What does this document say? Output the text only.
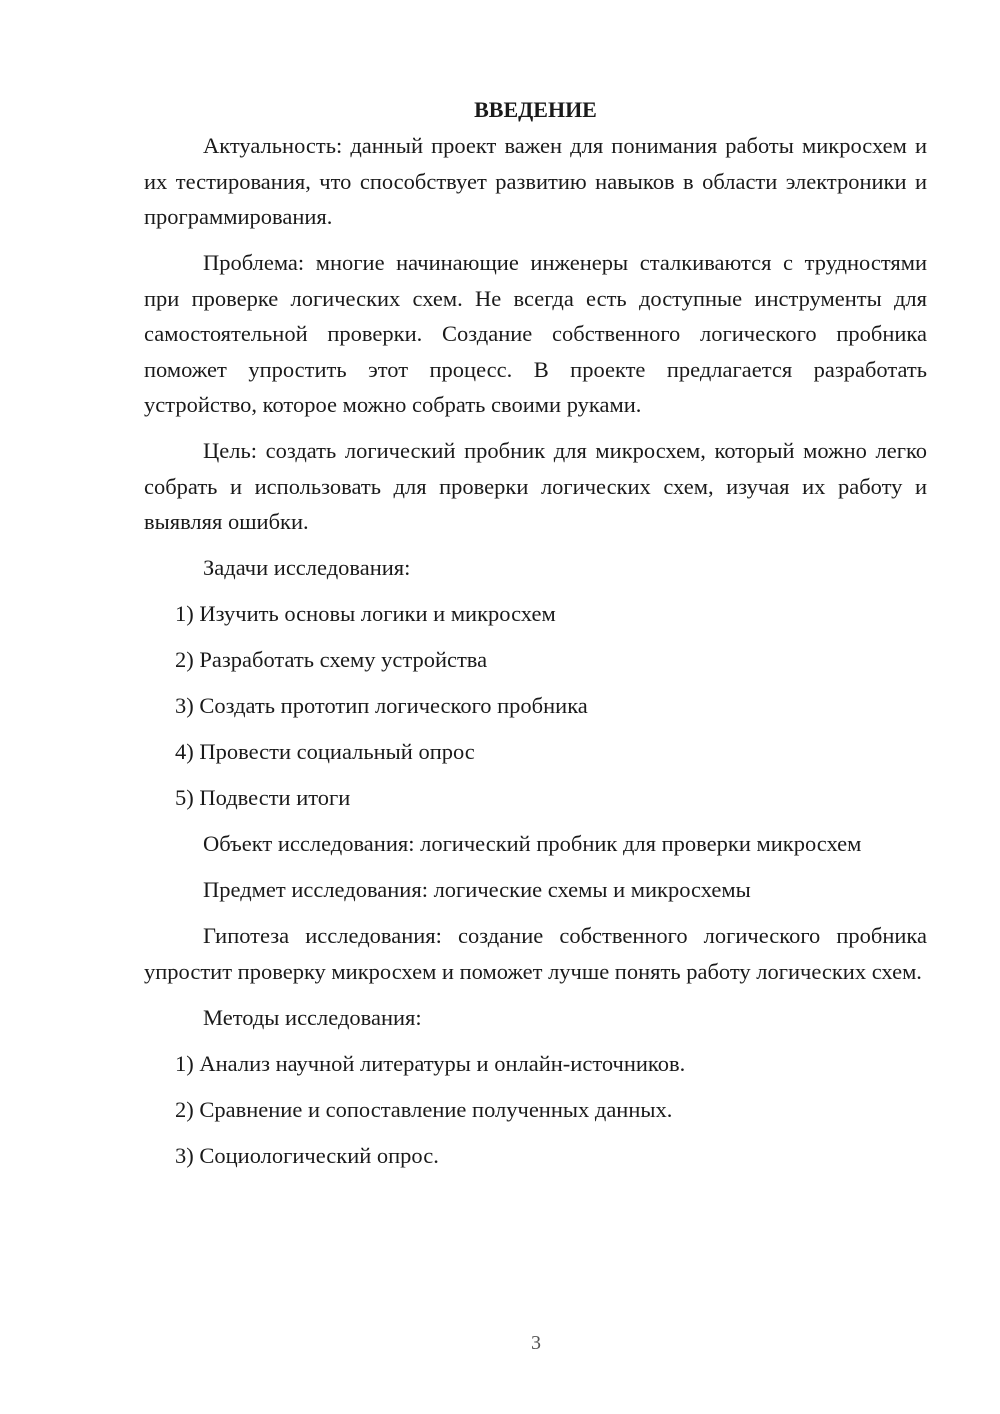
ВВЕДЕНИЕ

Актуальность: данный проект важен для понимания работы микросхем и их тестирования, что способствует развитию навыков в области электроники и программирования.

Проблема: многие начинающие инженеры сталкиваются с трудностями при проверке логических схем. Не всегда есть доступные инструменты для самостоятельной проверки. Создание собственного логического пробника поможет упростить этот процесс. В проекте предлагается разработать устройство, которое можно собрать своими руками.

Цель: создать логический пробник для микросхем, который можно легко собрать и использовать для проверки логических схем, изучая их работу и выявляя ошибки.

Задачи исследования:

1) Изучить основы логики и микросхем

2) Разработать схему устройства

3) Создать прототип логического пробника

4) Провести социальный опрос

5) Подвести итоги

Объект исследования: логический пробник для проверки микросхем

Предмет исследования: логические схемы и микросхемы

Гипотеза исследования: создание собственного логического пробника упростит проверку микросхем и поможет лучше понять работу логических схем.

Методы исследования:

1) Анализ научной литературы и онлайн-источников.

2) Сравнение и сопоставление полученных данных.

3) Социологический опрос.

3
